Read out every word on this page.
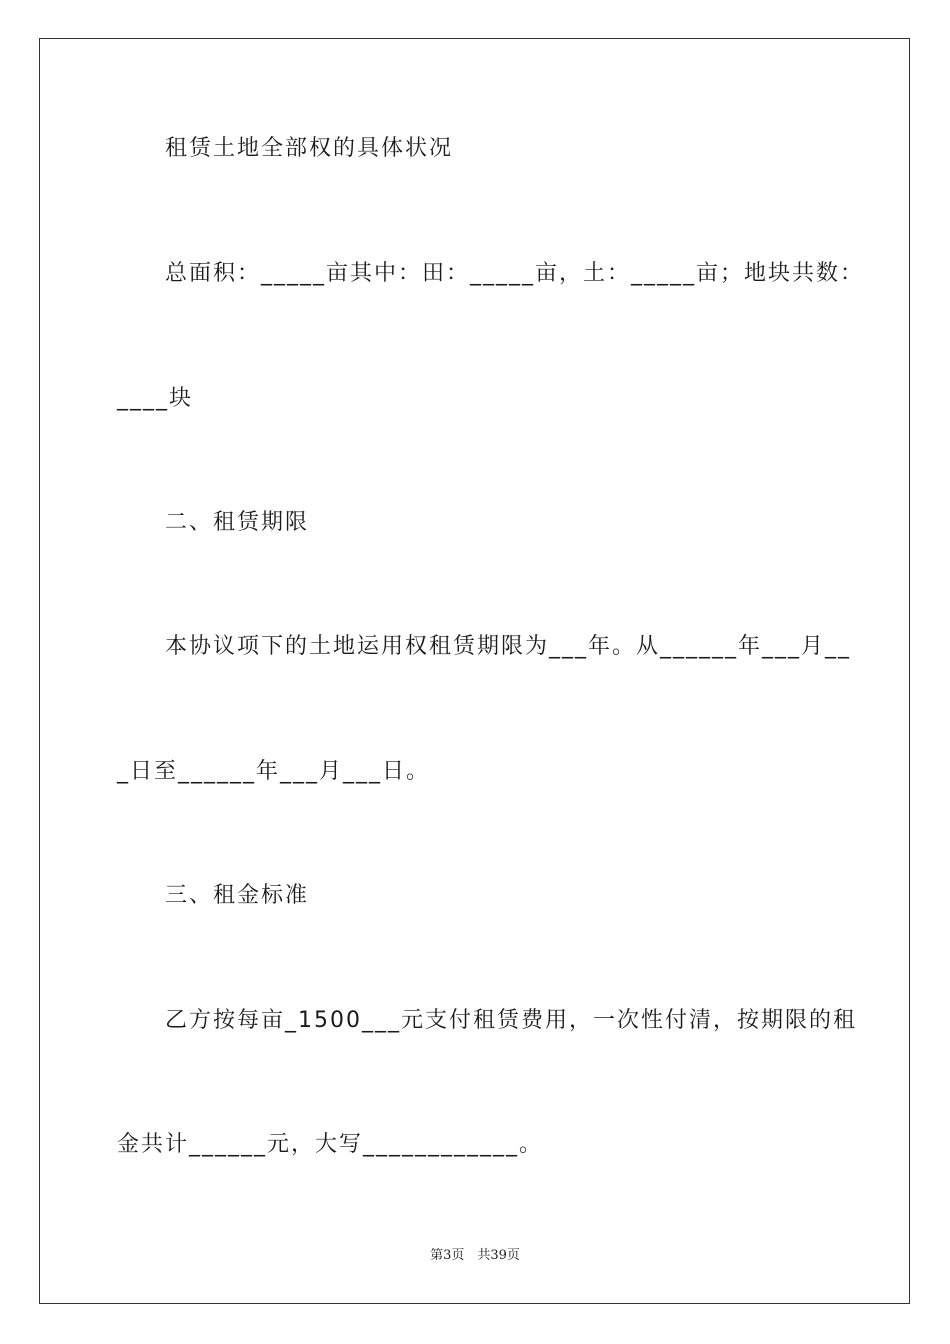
租赁土地全部权的具体状况

总面积：_____亩其中：田：_____亩，土：_____亩；地块共数：

____块

二、租赁期限

本协议项下的土地运用权租赁期限为___年。从______年___月__

_日至______年___月___日。

三、租金标准

乙方按每亩_1500___元支付租赁费用，一次性付清，按期限的租

金共计______元，大写____________。

第3页　共39页
